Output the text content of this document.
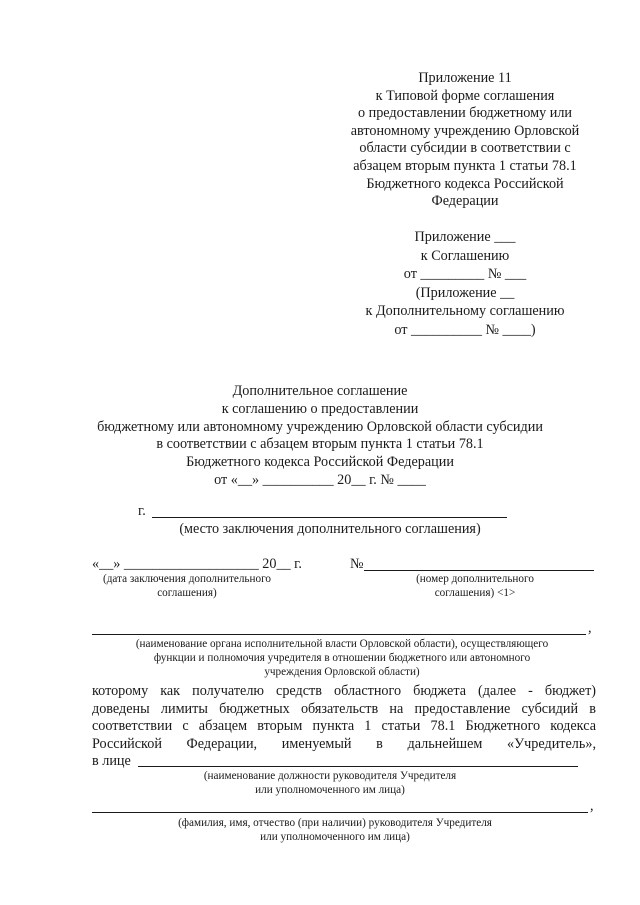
Приложение 11
к Типовой форме соглашения
о предоставлении бюджетному или
автономному учреждению Орловской
области субсидии в соответствии с
абзацем вторым пункта 1 статьи 78.1
Бюджетного кодекса Российской
Федерации
Приложение ___
к Соглашению
от _________ № ___
(Приложение __
к Дополнительному соглашению
от __________ № ____)
Дополнительное соглашение
к соглашению о предоставлении
бюджетному или автономному учреждению Орловской области субсидии
в соответствии с абзацем вторым пункта 1 статьи 78.1
Бюджетного кодекса Российской Федерации
от «__» __________ 20__ г. № ____
г.
(место заключения дополнительного соглашения)
«__» ___________________ 20__ г.	№
(дата заключения дополнительного
соглашения)
(номер дополнительного
соглашения) <1>
,
(наименование органа исполнительной власти Орловской области), осуществляющего
функции и полномочия учредителя в отношении бюджетного или автономного
учреждения Орловской области)
которому как получателю средств областного бюджета (далее - бюджет)
доведены лимиты бюджетных обязательств на предоставление субсидий в
соответствии с абзацем вторым пункта 1 статьи 78.1 Бюджетного кодекса
Российской Федерации, именуемый в дальнейшем «Учредитель»,
в лице
(наименование должности руководителя Учредителя
или уполномоченного им лица)
,
(фамилия, имя, отчество (при наличии) руководителя Учредителя
или уполномоченного им лица)
